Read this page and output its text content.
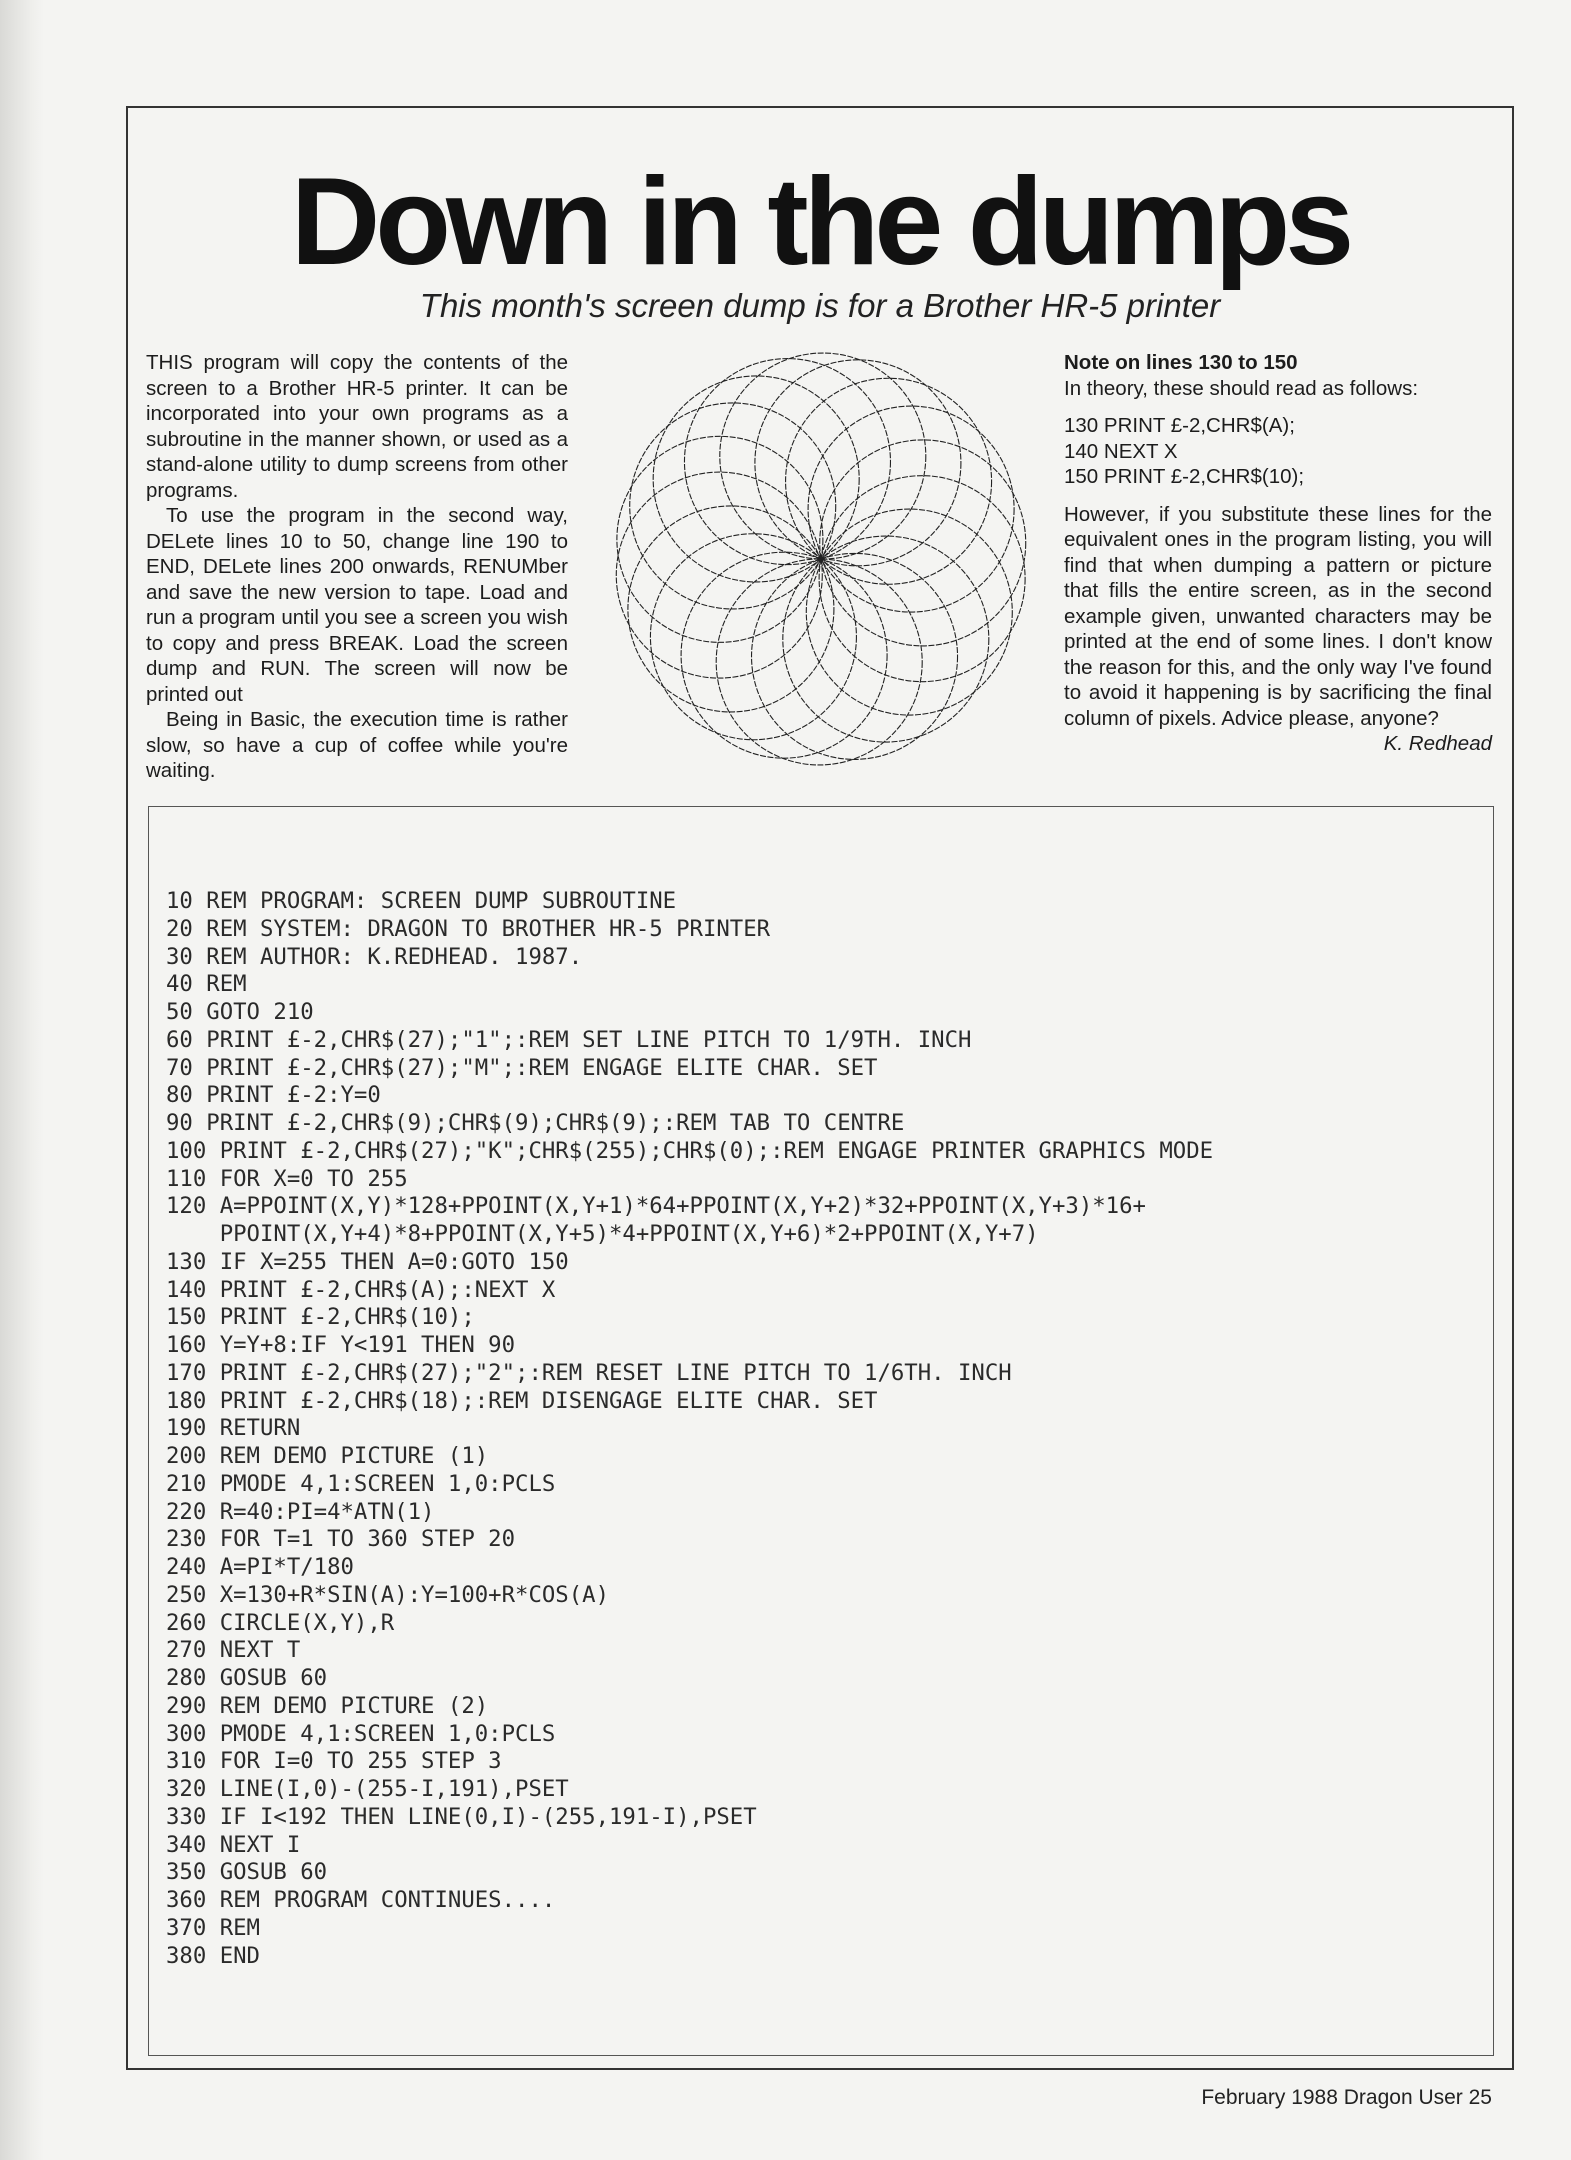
Down in the dumps
This month's screen dump is for a Brother HR-5 printer

THIS program will copy the contents of the screen to a Brother HR-5 printer. It can be incorporated into your own programs as a subroutine in the manner shown, or used as a stand-alone utility to dump screens from other programs.

To use the program in the second way, DELete lines 10 to 50, change line 190 to END, DELete lines 200 onwards, RENUMber and save the new version to tape. Load and run a program until you see a screen you wish to copy and press BREAK. Load the screen dump and RUN. The screen will now be printed out

Being in Basic, the execution time is rather slow, so have a cup of coffee while you're waiting.

Note on lines 130 to 150
In theory, these should read as follows:
130 PRINT £-2,CHR$(A);
140 NEXT X
150 PRINT £-2,CHR$(10);
However, if you substitute these lines for the equivalent ones in the program listing, you will find that when dumping a pattern or picture that fills the entire screen, as in the second example given, unwanted characters may be printed at the end of some lines. I don't know the reason for this, and the only way I've found to avoid it happening is by sacrificing the final column of pixels. Advice please, anyone?
K. Redhead
10 REM PROGRAM: SCREEN DUMP SUBROUTINE
20 REM SYSTEM: DRAGON TO BROTHER HR-5 PRINTER
30 REM AUTHOR: K.REDHEAD. 1987.
40 REM
50 GOTO 210
60 PRINT £-2,CHR$(27);"1";:REM SET LINE PITCH TO 1/9TH. INCH
70 PRINT £-2,CHR$(27);"M";:REM ENGAGE ELITE CHAR. SET
80 PRINT £-2:Y=0
90 PRINT £-2,CHR$(9);CHR$(9);CHR$(9);:REM TAB TO CENTRE
100 PRINT £-2,CHR$(27);"K";CHR$(255);CHR$(0);:REM ENGAGE PRINTER GRAPHICS MODE
110 FOR X=0 TO 255
120 A=PPOINT(X,Y)*128+PPOINT(X,Y+1)*64+PPOINT(X,Y+2)*32+PPOINT(X,Y+3)*16+
PPOINT(X,Y+4)*8+PPOINT(X,Y+5)*4+PPOINT(X,Y+6)*2+PPOINT(X,Y+7)
130 IF X=255 THEN A=0:GOTO 150
140 PRINT £-2,CHR$(A);:NEXT X
150 PRINT £-2,CHR$(10);
160 Y=Y+8:IF Y<191 THEN 90
170 PRINT £-2,CHR$(27);"2";:REM RESET LINE PITCH TO 1/6TH. INCH
180 PRINT £-2,CHR$(18);:REM DISENGAGE ELITE CHAR. SET
190 RETURN
200 REM DEMO PICTURE (1)
210 PMODE 4,1:SCREEN 1,0:PCLS
220 R=40:PI=4*ATN(1)
230 FOR T=1 TO 360 STEP 20
240 A=PI*T/180
250 X=130+R*SIN(A):Y=100+R*COS(A)
260 CIRCLE(X,Y),R
270 NEXT T
280 GOSUB 60
290 REM DEMO PICTURE (2)
300 PMODE 4,1:SCREEN 1,0:PCLS
310 FOR I=0 TO 255 STEP 3
320 LINE(I,0)-(255-I,191),PSET
330 IF I<192 THEN LINE(0,I)-(255,191-I),PSET
340 NEXT I
350 GOSUB 60
360 REM PROGRAM CONTINUES....
370 REM
380 END
February 1988 Dragon User 25
